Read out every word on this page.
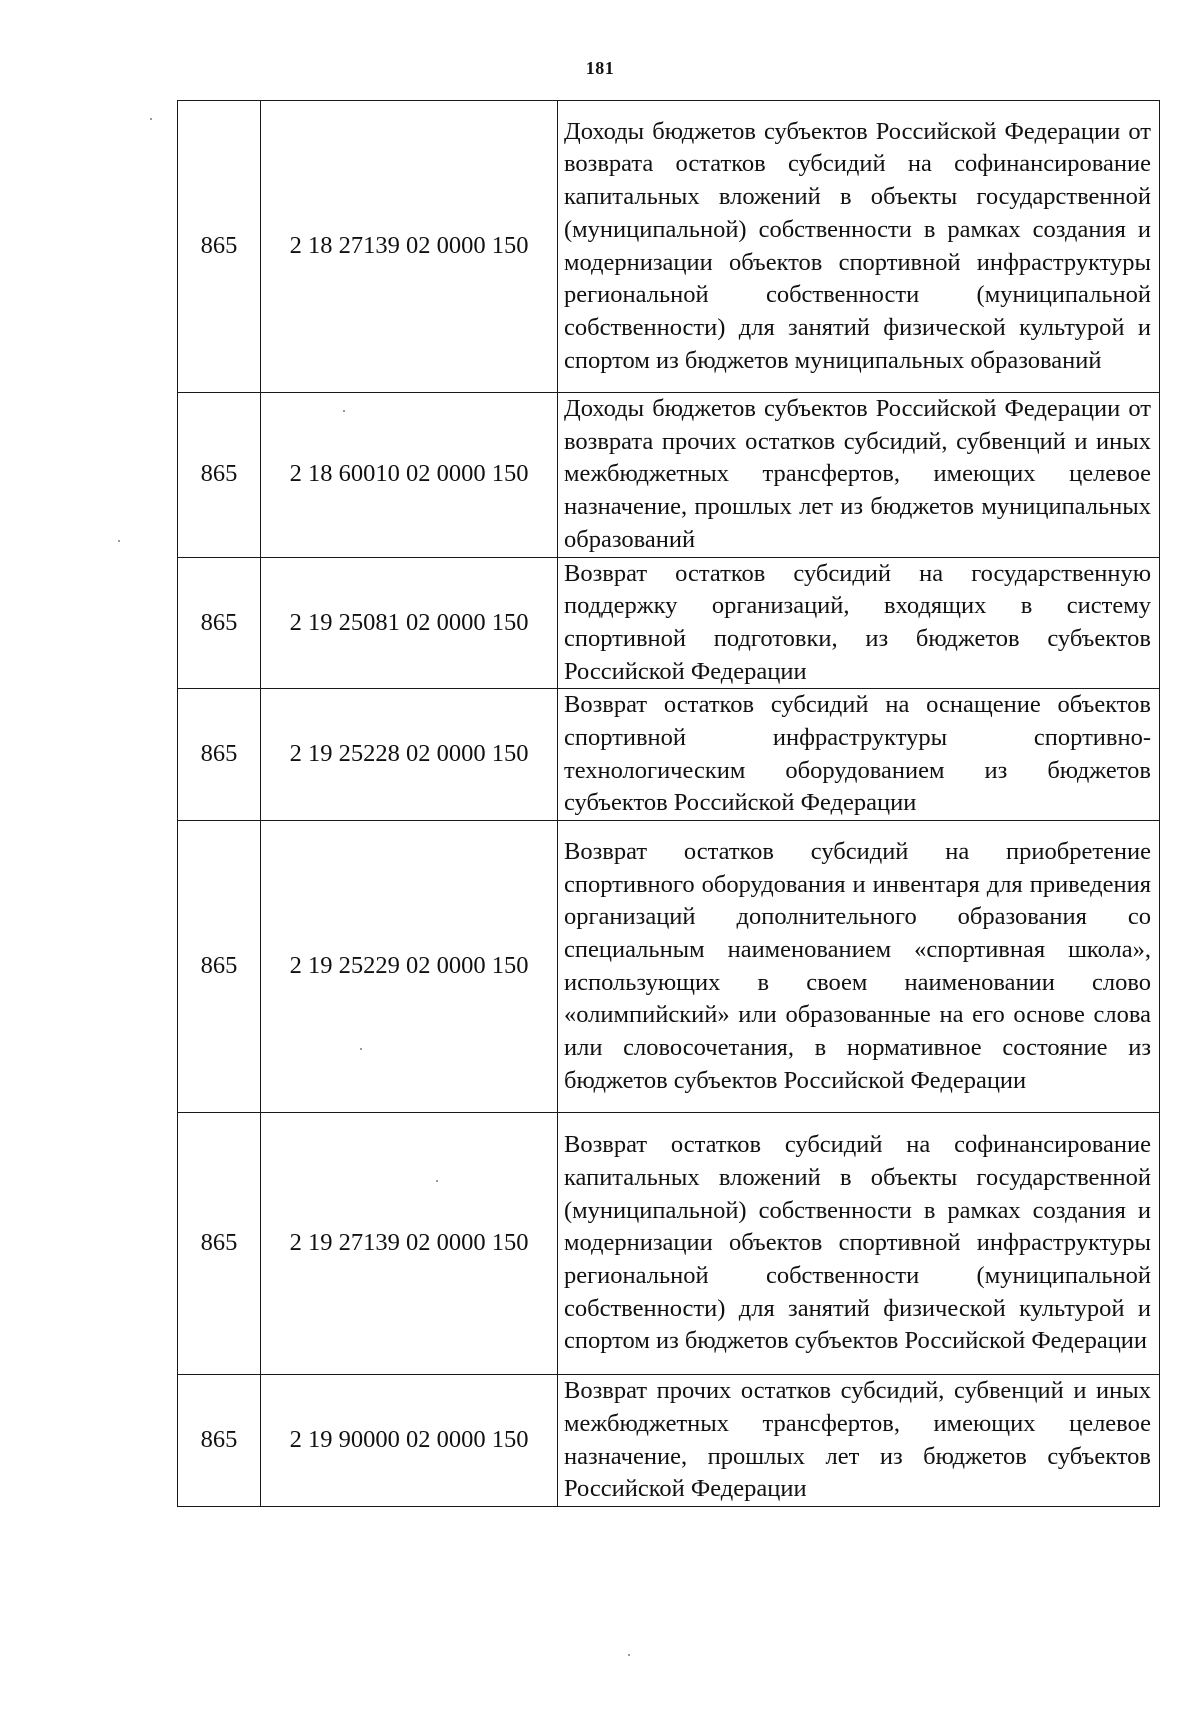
181
865	2 18 27139 02 0000 150	Доходы бюджетов субъектов Российской Федерации от возврата остатков субсидий на софинансирование капитальных вложений в объекты государственной (муниципальной) собственности в рамках создания и модернизации объектов спортивной инфраструктуры региональной собственности (муниципальной собственности) для занятий физической культурой и спортом из бюджетов муниципальных образований

865	2 18 60010 02 0000 150	Доходы бюджетов субъектов Российской Федерации от возврата прочих остатков субсидий, субвенций и иных межбюджетных трансфертов, имеющих целевое назначение, прошлых лет из бюджетов муниципальных образований

865	2 19 25081 02 0000 150	Возврат остатков субсидий на государственную поддержку организаций, входящих в систему спортивной подготовки, из бюджетов субъектов Российской Федерации

865	2 19 25228 02 0000 150	Возврат остатков субсидий на оснащение объектов спортивной инфраструктуры спортивно-технологическим оборудованием из бюджетов субъектов Российской Федерации

865	2 19 25229 02 0000 150	Возврат остатков субсидий на приобретение спортивного оборудования и инвентаря для приведения организаций дополнительного образования со специальным наименованием «спортивная школа», использующих в своем наименовании слово «олимпийский» или образованные на его основе слова или словосочетания, в нормативное состояние из бюджетов субъектов Российской Федерации

865	2 19 27139 02 0000 150	Возврат остатков субсидий на софинансирование капитальных вложений в объекты государственной (муниципальной) собственности в рамках создания и модернизации объектов спортивной инфраструктуры региональной собственности (муниципальной собственности) для занятий физической культурой и спортом из бюджетов субъектов Российской Федерации

865	2 19 90000 02 0000 150	Возврат прочих остатков субсидий, субвенций и иных межбюджетных трансфертов, имеющих целевое назначение, прошлых лет из бюджетов субъектов Российской Федерации
